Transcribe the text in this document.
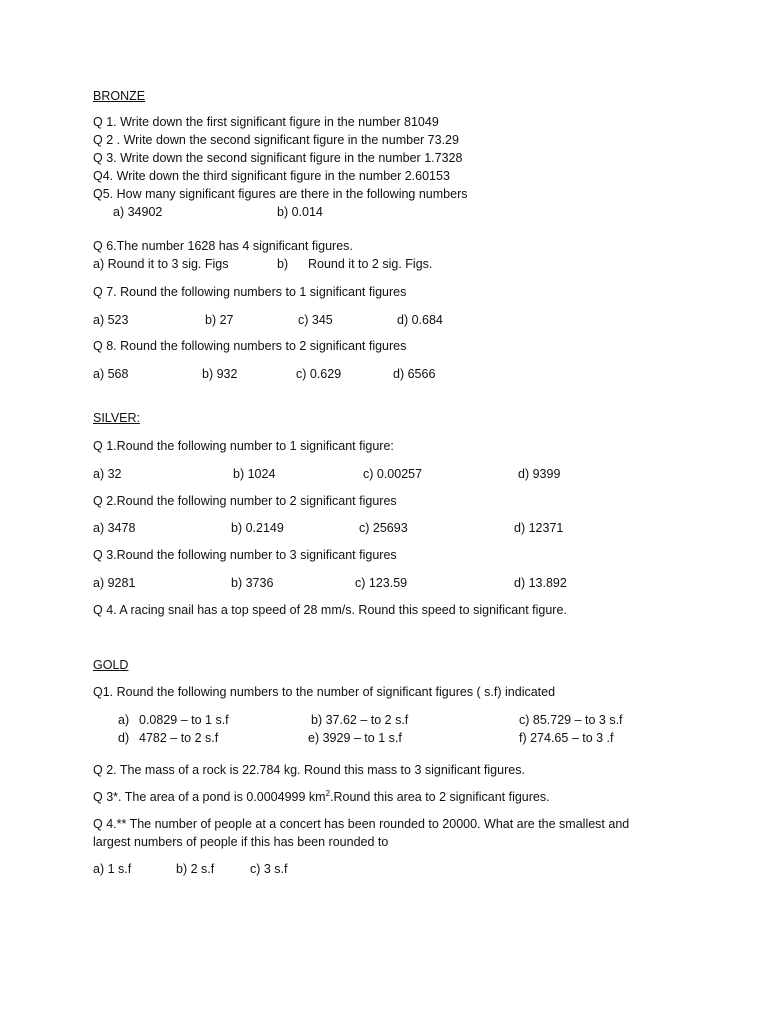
BRONZE
Q 1. Write down the first significant figure in the number 81049
Q 2 . Write down the second significant figure in the number 73.29
Q 3. Write down the second significant figure in the number 1.7328
Q4. Write down the third significant figure in the number 2.60153
Q5. How many significant figures are there in the following numbers
a) 34902	b) 0.014
Q 6.The number 1628 has 4 significant figures.
a) Round it to 3 sig. Figs	b) Round it to 2 sig. Figs.
Q 7. Round the following numbers to 1 significant figures
a) 523	b) 27	c) 345	d) 0.684
Q 8. Round the following numbers to 2 significant figures
a) 568	b) 932	c) 0.629	d) 6566
SILVER:
Q 1.Round the following number to 1 significant figure:
a) 32	b) 1024	c) 0.00257	d) 9399
Q 2.Round the following number to 2 significant figures
a) 3478	b) 0.2149	c) 25693	d) 12371
Q 3.Round the following number to 3 significant figures
a) 9281	b) 3736	c) 123.59	d) 13.892
Q 4. A racing snail has a top speed of 28 mm/s. Round this speed to significant figure.
GOLD
Q1. Round the following numbers to the number of significant figures ( s.f) indicated
a) 0.0829 – to 1 s.f	b) 37.62 – to 2 s.f	c) 85.729 – to 3 s.f
d) 4782 – to 2 s.f	e) 3929 – to 1 s.f	f) 274.65 – to 3 .f
Q 2. The mass of a rock is 22.784 kg. Round this mass to 3 significant figures.
Q 3*. The area of a pond is 0.0004999 $km^2.Round$ this area to 2 significant figures.
Q 4.** The number of people at a concert has been rounded to 20000. What are the smallest and
largest numbers of people if this has been rounded to
a) 1 s.f	b) 2 s.f	c) 3 s.f
